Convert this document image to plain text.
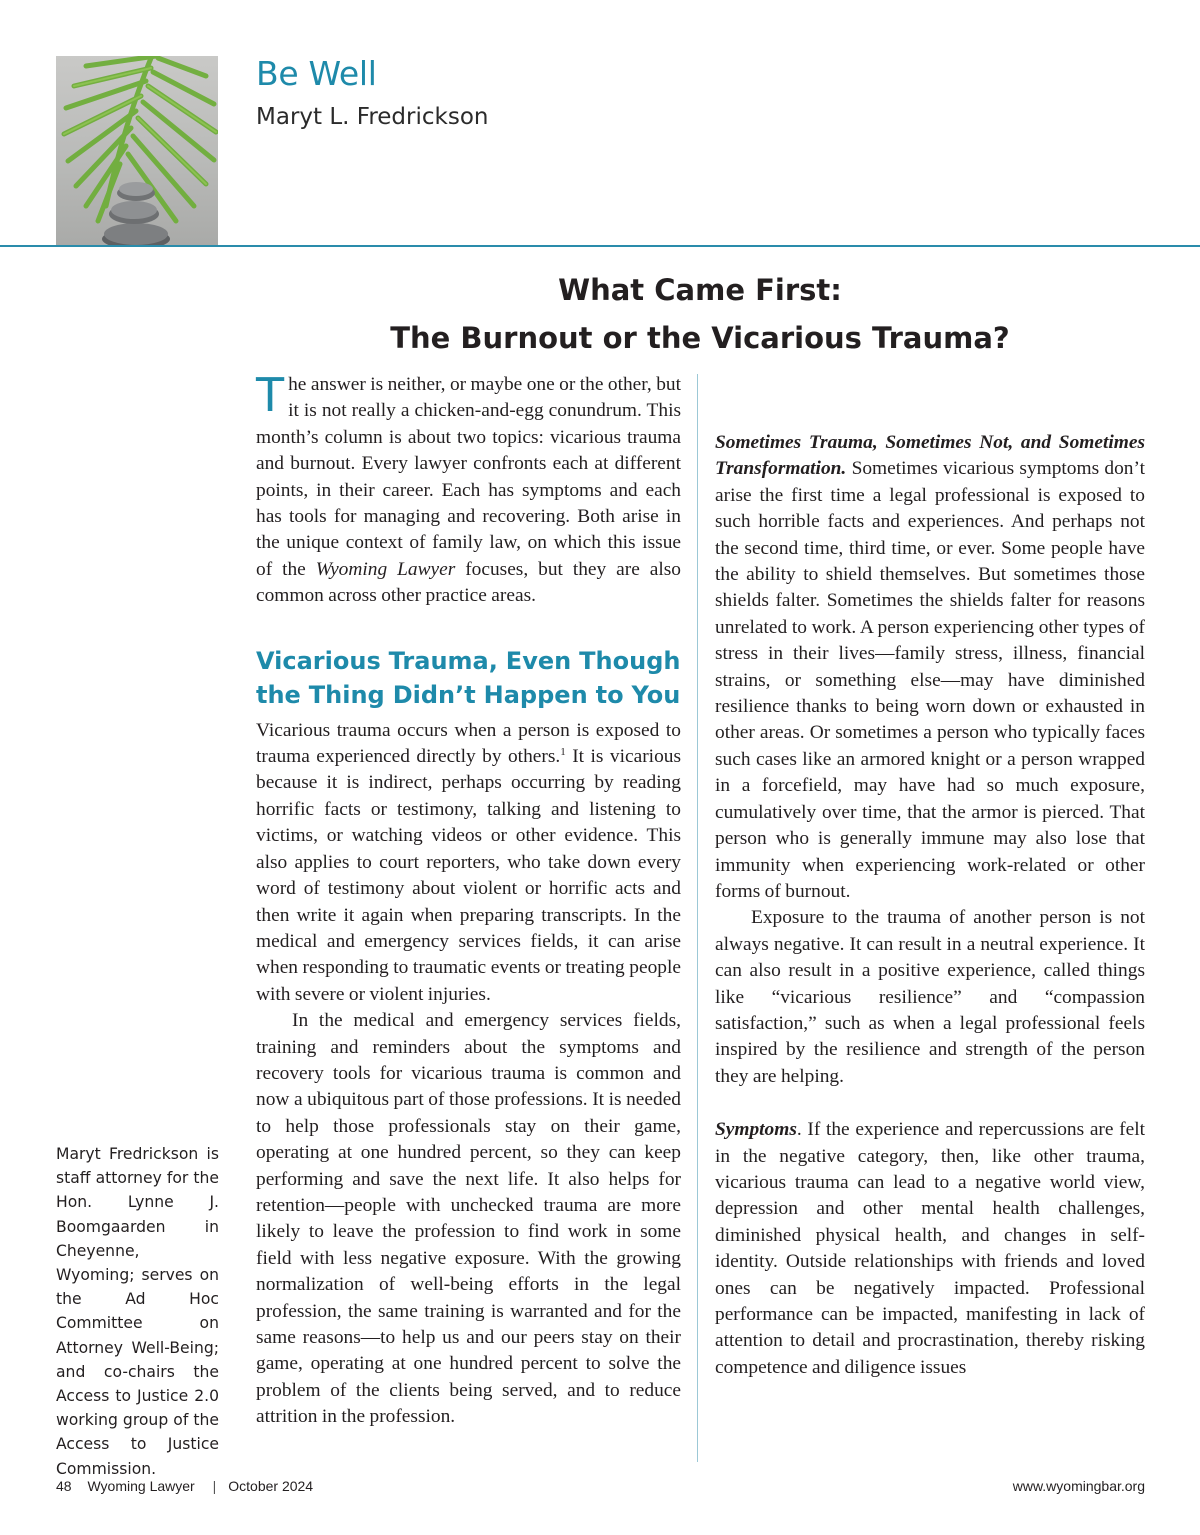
Be Well
Maryt L. Fredrickson
What Came First:
The Burnout or the Vicarious Trauma?

The answer is neither, or maybe one or the other, but it is not really a chicken-and-egg conundrum. This month’s column is about two topics: vicarious trauma and burnout. Every lawyer confronts each at different points, in their career. Each has symptoms and each has tools for managing and recovering. Both arise in the unique context of family law, on which this issue of the Wyoming Lawyer focuses, but they are also common across other practice areas.

Vicarious Trauma, Even Though the Thing Didn’t Happen to You

Vicarious trauma occurs when a person is exposed to trauma experienced directly by others.$^1$ It is vicarious because it is indirect, perhaps occurring by reading horrific facts or testimony, talking and listening to victims, or watching videos or other evidence. This also applies to court reporters, who take down every word of testimony about violent or horrific acts and then write it again when preparing transcripts. In the medical and emergency services fields, it can arise when responding to traumatic events or treating people with severe or violent injuries.

In the medical and emergency services fields, training and reminders about the symptoms and recovery tools for vicarious trauma is common and now a ubiquitous part of those professions. It is needed to help those professionals stay on their game, operating at one hundred percent, so they can keep performing and save the next life. It also helps for retention—people with unchecked trauma are more likely to leave the profession to find work in some field with less negative exposure. With the growing normalization of well-being efforts in the legal profession, the same training is warranted and for the same reasons—to help us and our peers stay on their game, operating at one hundred percent to solve the problem of the clients being served, and to reduce attrition in the profession.

Sometimes Trauma, Sometimes Not, and Sometimes Transformation. Sometimes vicarious symptoms don’t arise the first time a legal professional is exposed to such horrible facts and experiences. And perhaps not the second time, third time, or ever. Some people have the ability to shield themselves. But sometimes those shields falter. Sometimes the shields falter for reasons unrelated to work. A person experiencing other types of stress in their lives—family stress, illness, financial strains, or something else—may have diminished resilience thanks to being worn down or exhausted in other areas. Or sometimes a person who typically faces such cases like an armored knight or a person wrapped in a forcefield, may have had so much exposure, cumulatively over time, that the armor is pierced. That person who is generally immune may also lose that immunity when experiencing work-related or other forms of burnout.

Exposure to the trauma of another person is not always negative. It can result in a neutral experience. It can also result in a positive experience, called things like “vicarious resilience” and “compassion satisfaction,” such as when a legal professional feels inspired by the resilience and strength of the person they are helping.

Symptoms. If the experience and repercussions are felt in the negative category, then, like other trauma, vicarious trauma can lead to a negative world view, depression and other mental health challenges, diminished physical health, and changes in self-identity. Outside relationships with friends and loved ones can be negatively impacted. Professional performance can be impacted, manifesting in lack of attention to detail and procrastination, thereby risking competence and diligence issues

Maryt Fredrickson is staff attorney for the Hon. Lynne J. Boomgaarden in Cheyenne, Wyoming; serves on the Ad Hoc Committee on Attorney Well-Being; and co-chairs the Access to Justice 2.0 working group of the Access to Justice Commission.

48 Wyoming Lawyer | October 2024	www.wyomingbar.org
